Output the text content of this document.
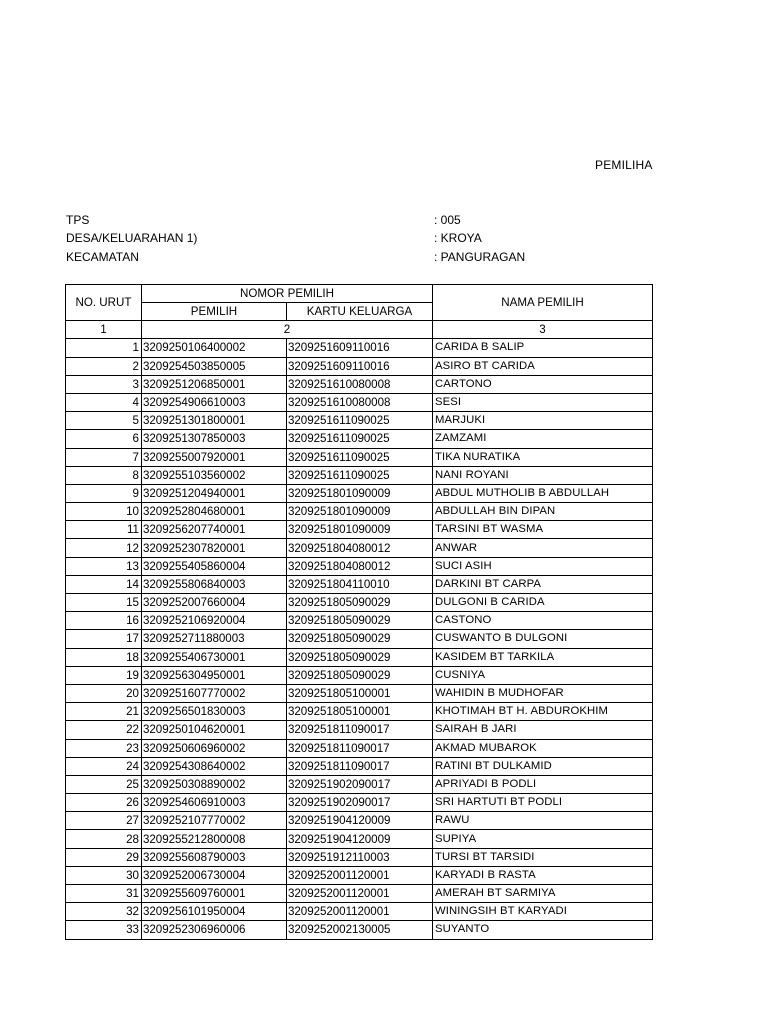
PEMILIHA
TPS	: 005
DESA/KELUARAHAN 1)	: KROYA
KECAMATAN	: PANGURAGAN
NO. URUT	NOMOR PEMILIH		NAMA PEMILIH
	PEMILIH	KARTU KELUARGA	
1	2		3
1	3209250106400002	3209251609110016	CARIDA B SALIP
2	3209254503850005	3209251609110016	ASIRO BT CARIDA
3	3209251206850001	3209251610080008	CARTONO
4	3209254906610003	3209251610080008	SESI
5	3209251301800001	3209251611090025	MARJUKI
6	3209251307850003	3209251611090025	ZAMZAMI
7	3209255007920001	3209251611090025	TIKA NURATIKA
8	3209255103560002	3209251611090025	NANI ROYANI
9	3209251204940001	3209251801090009	ABDUL MUTHOLIB B ABDULLAH
10	3209252804680001	3209251801090009	ABDULLAH BIN DIPAN
11	3209256207740001	3209251801090009	TARSINI BT WASMA
12	3209252307820001	3209251804080012	ANWAR
13	3209255405860004	3209251804080012	SUCI ASIH
14	3209255806840003	3209251804110010	DARKINI BT CARPA
15	3209252007660004	3209251805090029	DULGONI B CARIDA
16	3209252106920004	3209251805090029	CASTONO
17	3209252711880003	3209251805090029	CUSWANTO B DULGONI
18	3209255406730001	3209251805090029	KASIDEM BT TARKILA
19	3209256304950001	3209251805090029	CUSNIYA
20	3209251607770002	3209251805100001	WAHIDIN B MUDHOFAR
21	3209256501830003	3209251805100001	KHOTIMAH BT H. ABDUROKHIM
22	3209250104620001	3209251811090017	SAIRAH B JARI
23	3209250606960002	3209251811090017	AKMAD MUBAROK
24	3209254308640002	3209251811090017	RATINI BT DULKAMID
25	3209250308890002	3209251902090017	APRIYADI B PODLI
26	3209254606910003	3209251902090017	SRI HARTUTI BT PODLI
27	3209252107770002	3209251904120009	RAWU
28	3209255212800008	3209251904120009	SUPIYA
29	3209255608790003	3209251912110003	TURSI BT TARSIDI
30	3209252006730004	3209252001120001	KARYADI B RASTA
31	3209255609760001	3209252001120001	AMERAH BT SARMIYA
32	3209256101950004	3209252001120001	WININGSIH BT KARYADI
33	3209252306960006	3209252002130005	SUYANTO
